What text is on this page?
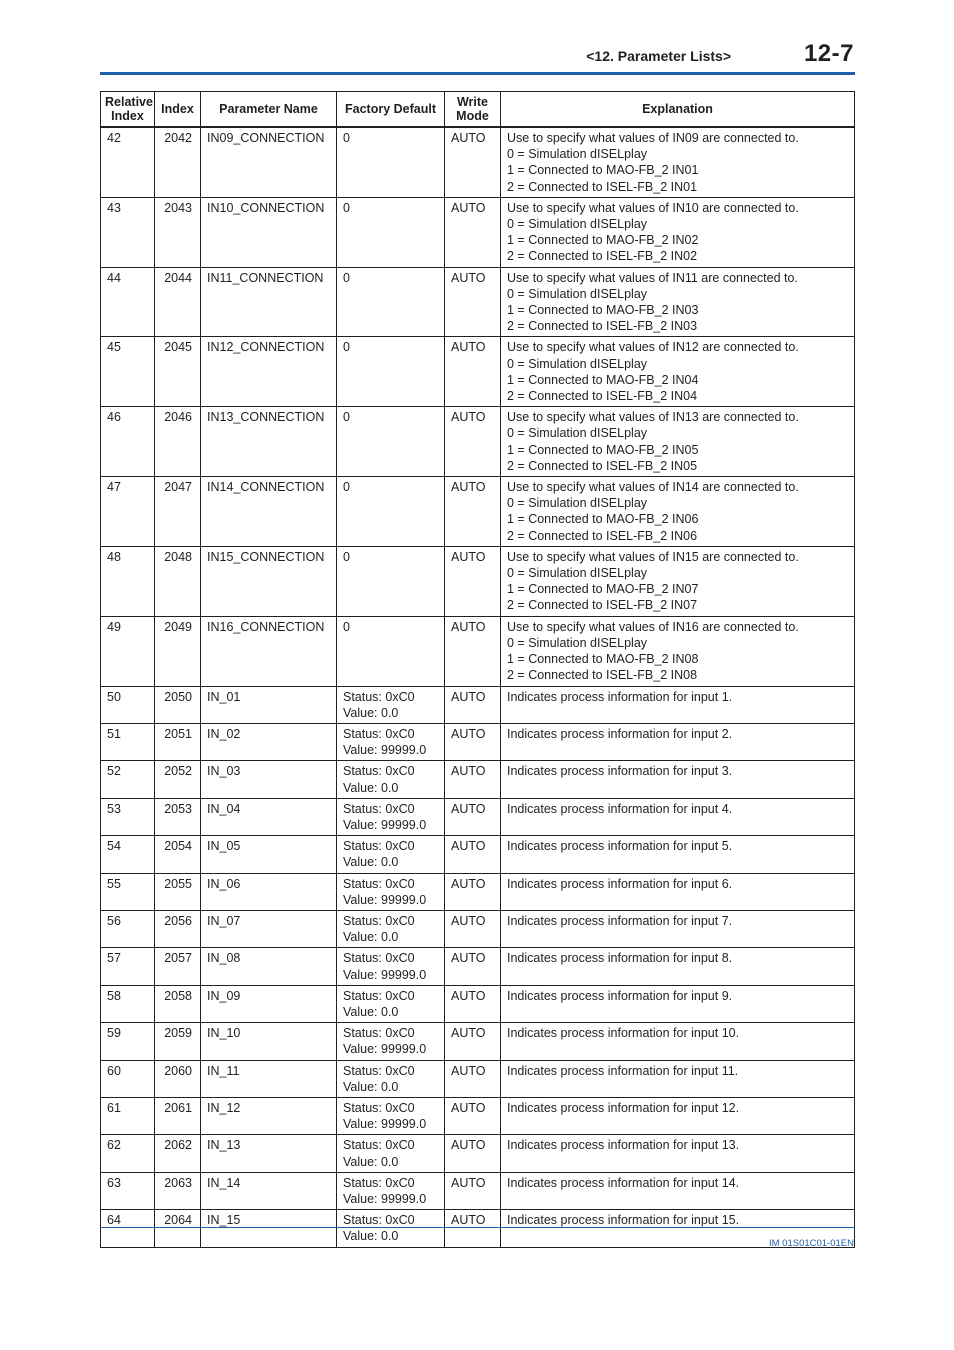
<12. Parameter Lists>	12-7
Relative
Index	Index	Parameter Name	Factory Default	Write
Mode	Explanation
42	2042	IN09_CONNECTION	0	AUTO	Use to specify what values of IN09 are connected to.
0 = Simulation dISELplay
1 = Connected to MAO-FB_2 IN01
2 = Connected to ISEL-FB_2 IN01

43	2043	IN10_CONNECTION	0	AUTO	Use to specify what values of IN10 are connected to.
0 = Simulation dISELplay
1 = Connected to MAO-FB_2 IN02
2 = Connected to ISEL-FB_2 IN02

44	2044	IN11_CONNECTION	0	AUTO	Use to specify what values of IN11 are connected to.
0 = Simulation dISELplay
1 = Connected to MAO-FB_2 IN03
2 = Connected to ISEL-FB_2 IN03

45	2045	IN12_CONNECTION	0	AUTO	Use to specify what values of IN12 are connected to.
0 = Simulation dISELplay
1 = Connected to MAO-FB_2 IN04
2 = Connected to ISEL-FB_2 IN04

46	2046	IN13_CONNECTION	0	AUTO	Use to specify what values of IN13 are connected to.
0 = Simulation dISELplay
1 = Connected to MAO-FB_2 IN05
2 = Connected to ISEL-FB_2 IN05

47	2047	IN14_CONNECTION	0	AUTO	Use to specify what values of IN14 are connected to.
0 = Simulation dISELplay
1 = Connected to MAO-FB_2 IN06
2 = Connected to ISEL-FB_2 IN06

48	2048	IN15_CONNECTION	0	AUTO	Use to specify what values of IN15 are connected to.
0 = Simulation dISELplay
1 = Connected to MAO-FB_2 IN07
2 = Connected to ISEL-FB_2 IN07

49	2049	IN16_CONNECTION	0	AUTO	Use to specify what values of IN16 are connected to.
0 = Simulation dISELplay
1 = Connected to MAO-FB_2 IN08
2 = Connected to ISEL-FB_2 IN08

50	2050	IN_01	Status: 0xC0
Value: 0.0	AUTO	Indicates process information for input 1.

51	2051	IN_02	Status: 0xC0
Value: 99999.0	AUTO	Indicates process information for input 2.

52	2052	IN_03	Status: 0xC0
Value: 0.0	AUTO	Indicates process information for input 3.

53	2053	IN_04	Status: 0xC0
Value: 99999.0	AUTO	Indicates process information for input 4.

54	2054	IN_05	Status: 0xC0
Value: 0.0	AUTO	Indicates process information for input 5.

55	2055	IN_06	Status: 0xC0
Value: 99999.0	AUTO	Indicates process information for input 6.

56	2056	IN_07	Status: 0xC0
Value: 0.0	AUTO	Indicates process information for input 7.

57	2057	IN_08	Status: 0xC0
Value: 99999.0	AUTO	Indicates process information for input 8.

58	2058	IN_09	Status: 0xC0
Value: 0.0	AUTO	Indicates process information for input 9.

59	2059	IN_10	Status: 0xC0
Value: 99999.0	AUTO	Indicates process information for input 10.

60	2060	IN_11	Status: 0xC0
Value: 0.0	AUTO	Indicates process information for input 11.

61	2061	IN_12	Status: 0xC0
Value: 99999.0	AUTO	Indicates process information for input 12.

62	2062	IN_13	Status: 0xC0
Value: 0.0	AUTO	Indicates process information for input 13.

63	2063	IN_14	Status: 0xC0
Value: 99999.0	AUTO	Indicates process information for input 14.

64	2064	IN_15	Status: 0xC0
Value: 0.0	AUTO	Indicates process information for input 15.
IM 01S01C01-01EN
